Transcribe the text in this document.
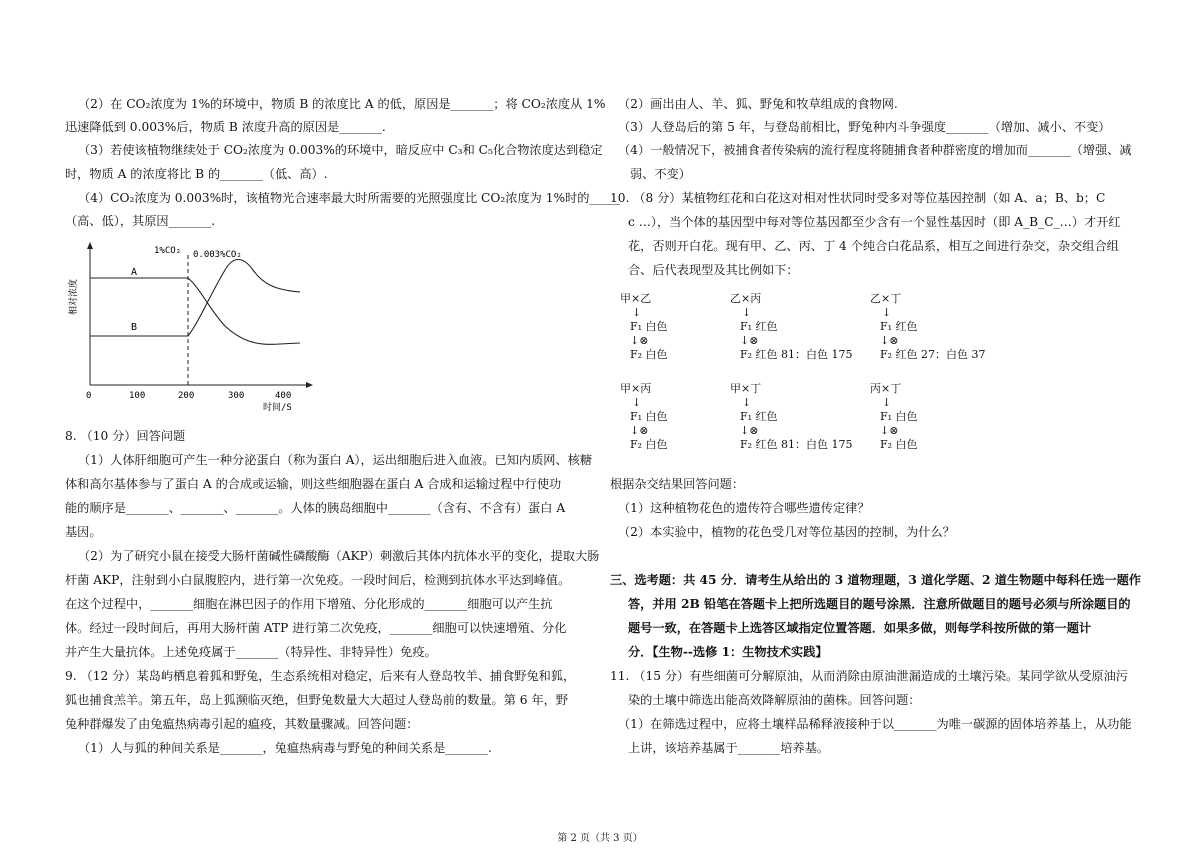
（2）在 CO₂浓度为 1%的环境中，物质 B 的浓度比 A 的低，原因是_______；将 CO₂浓度从 1%
迅速降低到 0.003%后，物质 B 浓度升高的原因是_______.
（3）若使该植物继续处于 CO₂浓度为 0.003%的环境中，暗反应中 C₃和 C₅化合物浓度达到稳定
时，物质 A 的浓度将比 B 的_______（低、高）.
（4）CO₂浓度为 0.003%时，该植物光合速率最大时所需要的光照强度比 CO₂浓度为 1%时的_____
（高、低），其原因_______.
A
B
1%CO₂ 0.003%CO₂
相对浓度
0	100	200	300	400
时间/S
8. （10 分）回答问题
（1）人体肝细胞可产生一种分泌蛋白（称为蛋白 A），运出细胞后进入血液。已知内质网、核糖
体和高尔基体参与了蛋白 A 的合成或运输，则这些细胞器在蛋白 A 合成和运输过程中行使功
能的顺序是_______、_______、_______。人体的胰岛细胞中_______（含有、不含有）蛋白 A
基因。
（2）为了研究小鼠在接受大肠杆菌碱性磷酸酶（AKP）刺激后其体内抗体水平的变化，提取大肠
杆菌 AKP，注射到小白鼠腹腔内，进行第一次免疫。一段时间后，检测到抗体水平达到峰值。
在这个过程中，_______细胞在淋巴因子的作用下增殖、分化形成的_______细胞可以产生抗
体。经过一段时间后，再用大肠杆菌 ATP 进行第二次免疫，_______细胞可以快速增殖、分化
并产生大量抗体。上述免疫属于_______（特异性、非特异性）免疫。
9. （12 分）某岛屿栖息着狐和野兔，生态系统相对稳定，后来有人登岛牧羊、捕食野兔和狐，
狐也捕食羔羊。第五年，岛上狐濒临灭绝，但野兔数量大大超过人登岛前的数量。第 6 年，野
兔种群爆发了由兔瘟热病毒引起的瘟疫，其数量骤减。回答问题：
（1）人与狐的种间关系是_______，兔瘟热病毒与野兔的种间关系是_______.
（2）画出由人、羊、狐、野兔和牧草组成的食物网.
（3）人登岛后的第 5 年，与登岛前相比，野兔种内斗争强度_______（增加、减小、不变）
（4）一般情况下，被捕食者传染病的流行程度将随捕食者种群密度的增加而_______（增强、减
弱、不变）
10. （8 分）某植物红花和白花这对相对性状同时受多对等位基因控制（如 A、a；B、b；C
c …），当个体的基因型中每对等位基因都至少含有一个显性基因时（即 A_B_C_…）才开红
花，否则开白花。现有甲、乙、丙、丁 4 个纯合白花品系，相互之间进行杂交，杂交组合组
合、后代表现型及其比例如下：
甲×乙
↓
F₁ 白色
↓⊗
F₂ 白色
乙×丙
↓
F₁ 红色
↓⊗
F₂ 红色 81：白色 175
乙×丁
↓
F₁ 红色
↓⊗
F₂ 红色 27：白色 37
甲×丙
↓
F₁ 白色
↓⊗
F₂ 白色
甲×丁
↓
F₁ 红色
↓⊗
F₂ 红色 81：白色 175
丙×丁
↓
F₁ 白色
↓⊗
F₂ 白色
根据杂交结果回答问题：
（1）这种植物花色的遗传符合哪些遗传定律？
（2）本实验中，植物的花色受几对等位基因的控制，为什么？
三、选考题：共 45 分．请考生从给出的 3 道物理题，3 道化学题、2 道生物题中每科任选一题作
答，并用 2B 铅笔在答题卡上把所选题目的题号涂黑．注意所做题目的题号必须与所涂题目的
题号一致，在答题卡上选答区域指定位置答题．如果多做，则每学科按所做的第一题计
分．【生物--选修 1：生物技术实践】
11. （15 分）有些细菌可分解原油，从而消除由原油泄漏造成的土壤污染。某同学欲从受原油污
染的土壤中筛选出能高效降解原油的菌株。回答问题：
（1）在筛选过程中，应将土壤样品稀释液接种于以_______为唯一碳源的固体培养基上，从功能
上讲，该培养基属于_______培养基。
第 2 页（共 3 页）
